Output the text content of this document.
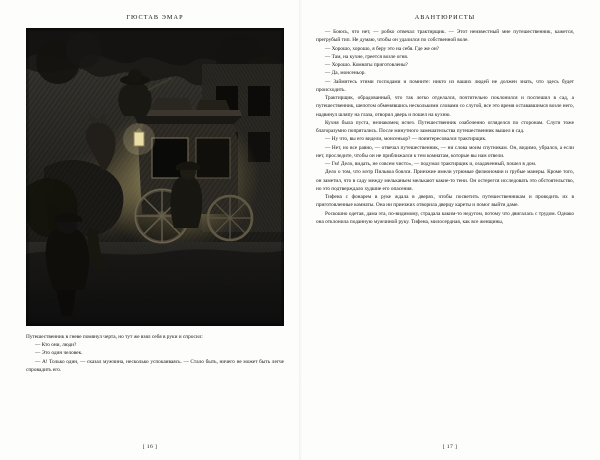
ГЮСТАВ ЭМАР

Путешественник в гневе помянул черта, но тут же взял себя в руки и спросил:

— Кто они, люди?

— Это один человек.

— А! Только один, — сказал мужчина, несколько успокаиваясь. — Стало быть, ничего не может быть легче спровадить его.

[ 16 ]
АВАНТЮРИСТЫ

— Боюсь, что нет, — робко отвечал трактирщик. — Этот неизвестный мне путешественник, кажется, прегрубый тип. Не думаю, чтобы он удалился по собственной воле.

— Хорошо, хорошо, я беру это на себя. Где же он?

— Там, на кухне, греется возле огня.

— Хорошо. Комнаты приготовлены?

— Да, монсеньор.

— Займитесь этими господами и помните: никто из ваших людей не должен знать, что здесь будет происходить.

Трактирщик, обрадованный, что так легко отделался, почтительно поклонился и поспешил в сад, а путешественник, шепотом обменявшись несколькими словами со слугой, все это время остававшимся возле него, надвинул шляпу на глаза, отворил дверь и пошел на кухню.

Кухня была пуста, незнакомец исчез. Путешественник озабоченно огляделся по сторонам. Слуги тоже благоразумно попрятались. После минутного замешательства путешественник вышел в сад.

— Ну что, вы его видели, монсеньор? — поинтересовался трактирщик.

— Нет, но все равно, — отвечал путешественник, — ни слова моим спутникам. Он, видимо, убрался, а если нет, проследите, чтобы он не приближался к тем комнатам, которые вы нам отвели.

— Гм! Дело, видать, не совсем чисто», — подумал трактирщик и, озадаченный, пошел в дом.

Дело о том, что мэтр Пильвоа боялся. Приезжие имели угрюмые физиономии и грубые манеры. Кроме того, он заметил, что в саду между мельканьем мелькают какие-то тени. Он остерегся исследовать это обстоятельство, но это подтверждало худшие его опасения.

Тифена с фонарем в руке ждала в дверях, чтобы посветить путешественникам и проводить их в приготовленные комнаты. Она ни приезжих отворила дверцу кареты и помог выйти даме.

Роскошно одетая, дама эта, по-видимому, страдала каким-то недугом, потому что двигалась с трудом. Однако она отклонила поданную мужчиной руку. Тифена, милосердная, как все женщины,

[ 17 ]
